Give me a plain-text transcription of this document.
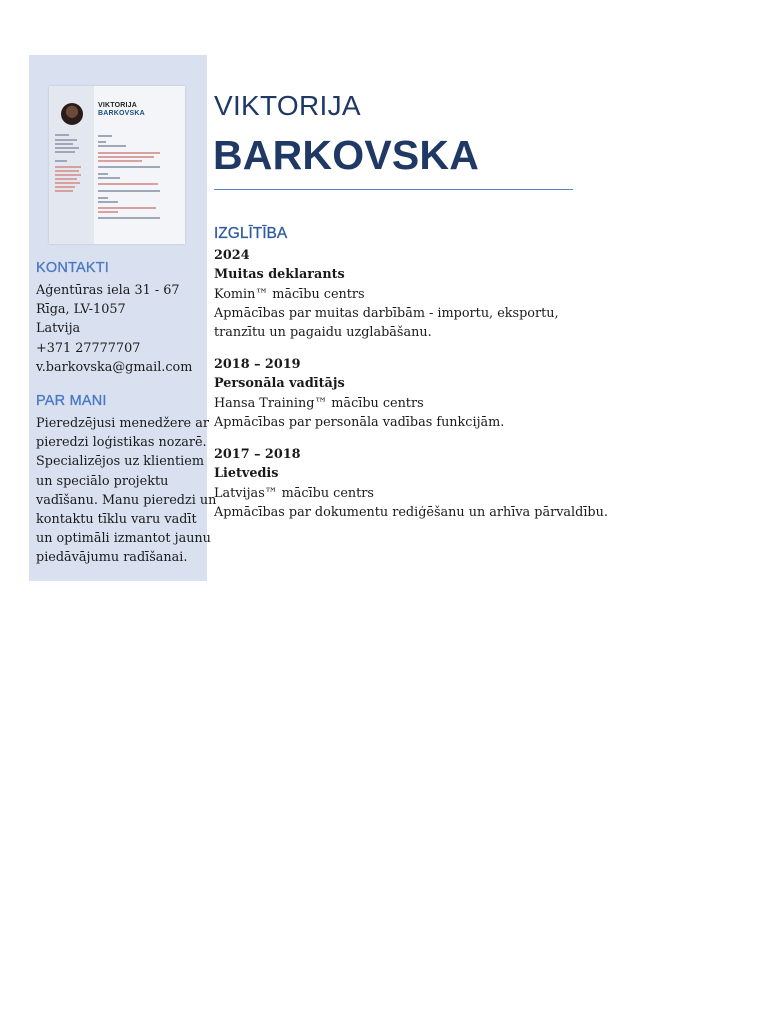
VIKTORIJA
BARKOVSKA
KONTAKTI
Aģentūras iela 31 - 67
Rīga, LV-1057
Latvija
+371 27777707
v.barkovska@gmail.com
PAR MANI
Pieredzējusi menedžere ar
pieredzi loģistikas nozarē.
Specializējos uz klientiem
un speciālo projektu
vadīšanu. Manu pieredzi un
kontaktu tīklu varu vadīt
un optimāli izmantot jaunu
piedāvājumu radīšanai.
VIKTORIJA
BARKOVSKA
IZGLĪTĪBA
2024
Muitas deklarants
Komin™ mācību centrs
Apmācības par muitas darbībām - importu, eksportu,
tranzītu un pagaidu uzglabāšanu.
2018 – 2019
Personāla vadītājs
Hansa Training™ mācību centrs
Apmācības par personāla vadības funkcijām.
2017 – 2018
Lietvedis
Latvijas™ mācību centrs
Apmācības par dokumentu rediģēšanu un arhīva pārvaldību.
